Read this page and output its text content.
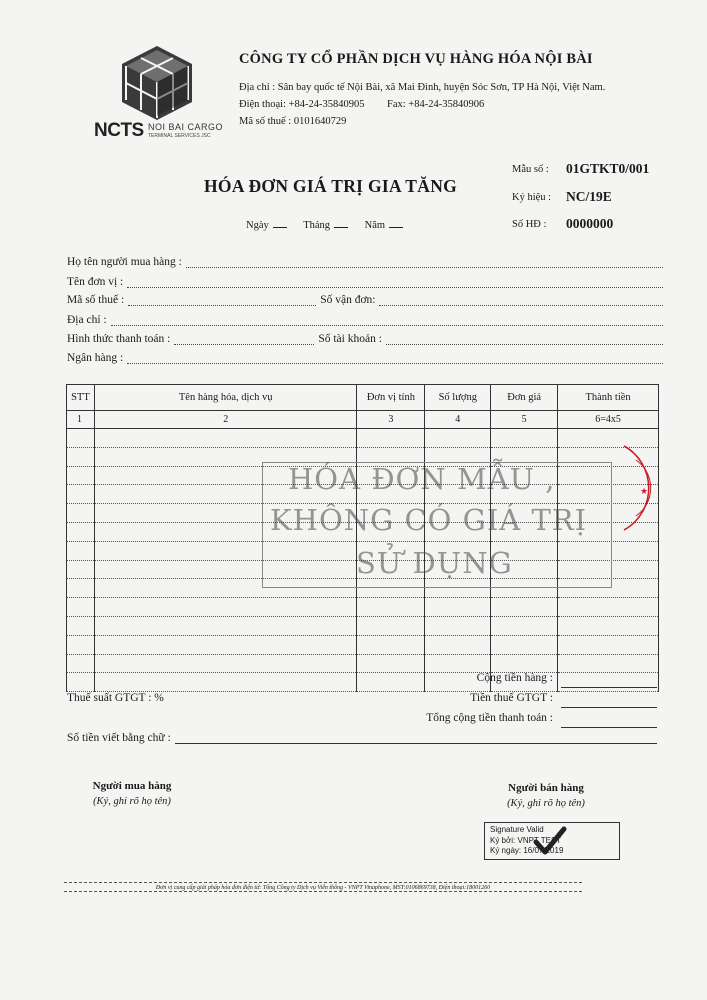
NCTS NOI BAI CARGO
TERMINAL SERVICES JSC
CÔNG TY CỔ PHẦN DỊCH VỤ HÀNG HÓA NỘI BÀI
Địa chỉ : Sân bay quốc tế Nội Bài, xã Mai Đình, huyện Sóc Sơn, TP Hà Nội, Việt Nam.
Điện thoại: +84-24-35840905 Fax: +84-24-35840906
Mã số thuế : 0101640729
HÓA ĐƠN GIÁ TRỊ GIA TĂNG
Ngày	Tháng	Năm
Mẫu số : 01GTKT0/001
Ký hiệu : NC/19E
Số HĐ : 0000000
Họ tên người mua hàng :
Tên đơn vị :
Mã số thuế :	Số vận đơn:
Địa chỉ :
Hình thức thanh toán :	Số tài khoản :
Ngân hàng :
STT	Tên hàng hóa, dịch vụ	Đơn vị tính	Số lượng	Đơn giá	Thành tiền
1	2	3	4	5	6=4x5

HÓA ĐƠN MẪU ,
KHÔNG CÓ GIÁ TRỊ
SỬ DỤNG
★
Cộng tiền hàng :
Thuế suất GTGT : %	Tiền thuế GTGT :
Tổng cộng tiền thanh toán :
Số tiền viết bằng chữ :
Người mua hàng
(Ký, ghi rõ họ tên)
Người bán hàng
(Ký, ghi rõ họ tên)
Signature Valid
Ký bởi: VNPT TEST
Ký ngày: 16/07/2019
Đơn vị cung cấp giải pháp hóa đơn điện tử: Tổng Công ty Dịch vụ Viễn thông - VNPT Vinaphone, MST:0106869738, Điện thoại:18001260
